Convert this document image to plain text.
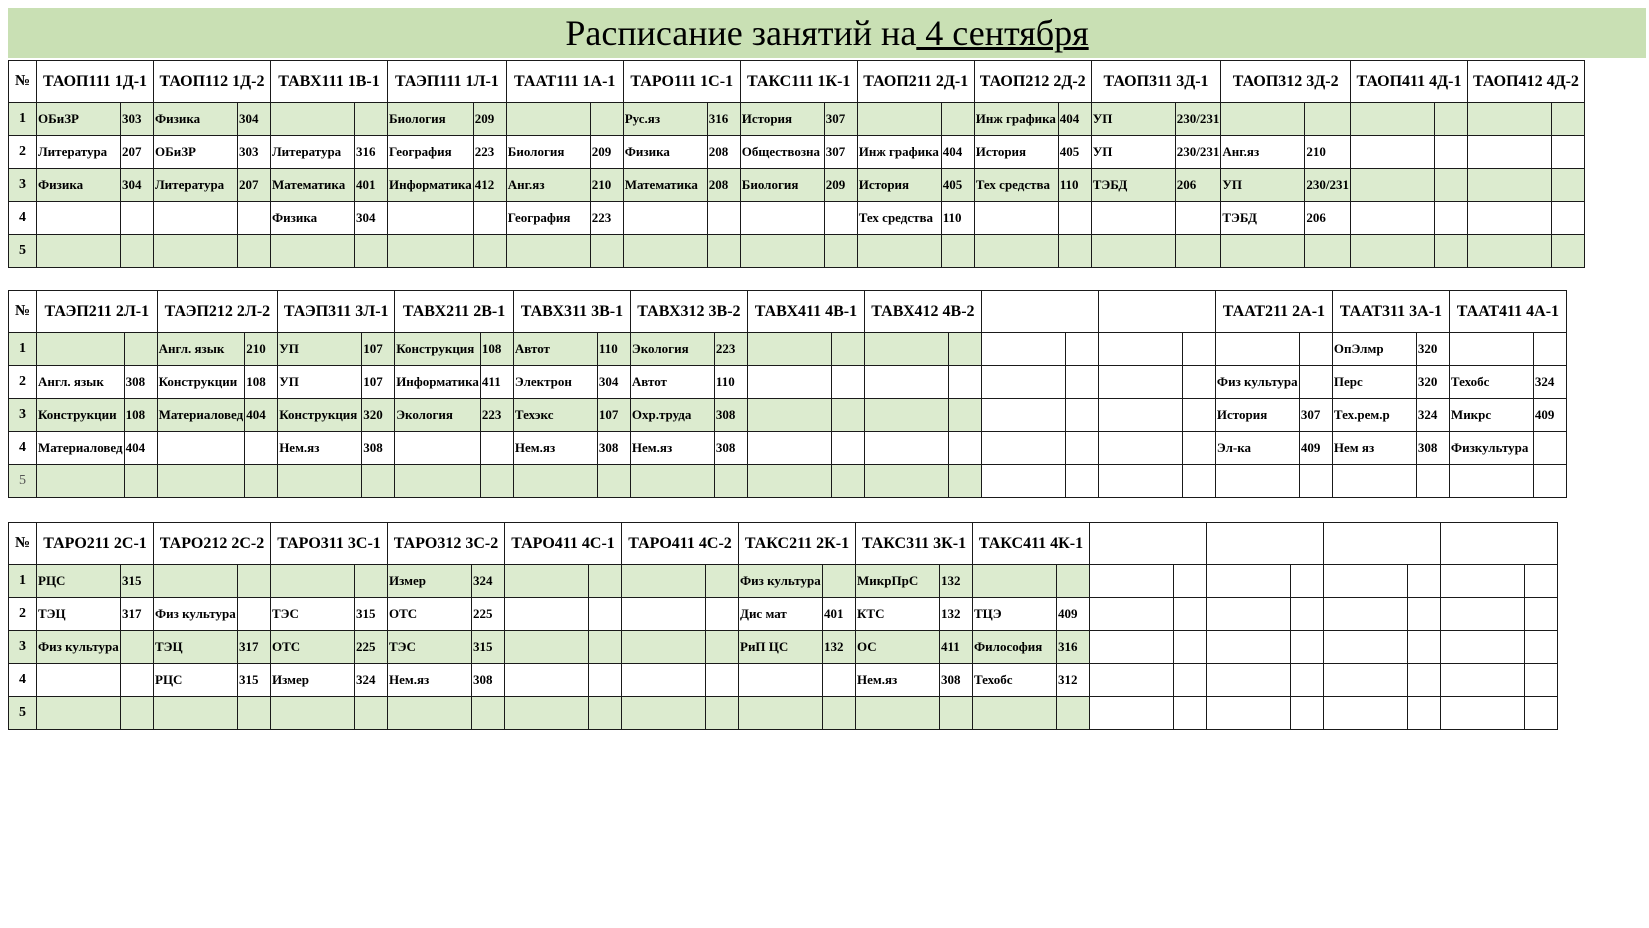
Расписание занятий на 4 сентября
№	ТАОП111 1Д-1		ТАОП112 1Д-2		ТАВХ111 1В-1		ТАЭП111 1Л-1		ТААТ111 1А-1		ТАРО111 1С-1		ТАКС111 1К-1		ТАОП211 2Д-1		ТАОП212 2Д-2		ТАОП311 3Д-1		ТАОП312 3Д-2		ТАОП411 4Д-1		ТАОП412 4Д-2	
1	ОБиЗР	303	Физика	304			Биология	209			Рус.яз	316	История	307			Инж графика	404	УП	230/231						
2	Литература	207	ОБиЗР	303	Литература	316	География	223	Биология	209	Физика	208	Обществозна	307	Инж графика	404	История	405	УП	230/231	Анг.яз	210				
3	Физика	304	Литература	207	Математика	401	Информатика	412	Анг.яз	210	Математика	208	Биология	209	История	405	Тех средства	110	ТЭБД	206	УП	230/231				
4					Физика	304			География	223					Тех средства	110					ТЭБД	206				
5																										
№	ТАЭП211 2Л-1		ТАЭП212 2Л-2		ТАЭП311 3Л-1		ТАВХ211 2В-1		ТАВХ311 3В-1		ТАВХ312 3В-2		ТАВХ411 4В-1		ТАВХ412 4В-2						ТААТ211 2А-1		ТААТ311 3А-1		ТААТ411 4А-1	
1			Англ. язык	210	УП	107	Конструкция	108	Автот	110	Экология	223											ОпЭлмр	320		
2	Англ. язык	308	Конструкции	108	УП	107	Информатика	411	Электрон	304	Автот	110									Физ культура		Перс	320	Техобс	324
3	Конструкции	108	Материаловед	404	Конструкция	320	Экология	223	Техэкс	107	Охр.труда	308									История	307	Тех.рем.р	324	Микрс	409
4	Материаловед	404			Нем.яз	308			Нем.яз	308	Нем.яз	308									Эл-ка	409	Нем яз	308	Физкультура	
5																										
№	ТАРО211 2С-1		ТАРО212 2С-2		ТАРО311 3С-1		ТАРО312 3С-2		ТАРО411 4С-1		ТАРО411 4С-2		ТАКС211 2К-1		ТАКС311 3К-1		ТАКС411 4К-1									
1	РЦС	315					Измер	324					Физ культура		МикрПрС	132										
2	ТЭЦ	317	Физ культура		ТЭС	315	ОТС	225					Дис мат	401	КТС	132	ТЦЭ	409								
3	Физ культура		ТЭЦ	317	ОТС	225	ТЭС	315					РиП ЦС	132	ОС	411	Философия	316								
4			РЦС	315	Измер	324	Нем.яз	308							Нем.яз	308	Техобс	312								
5																										
